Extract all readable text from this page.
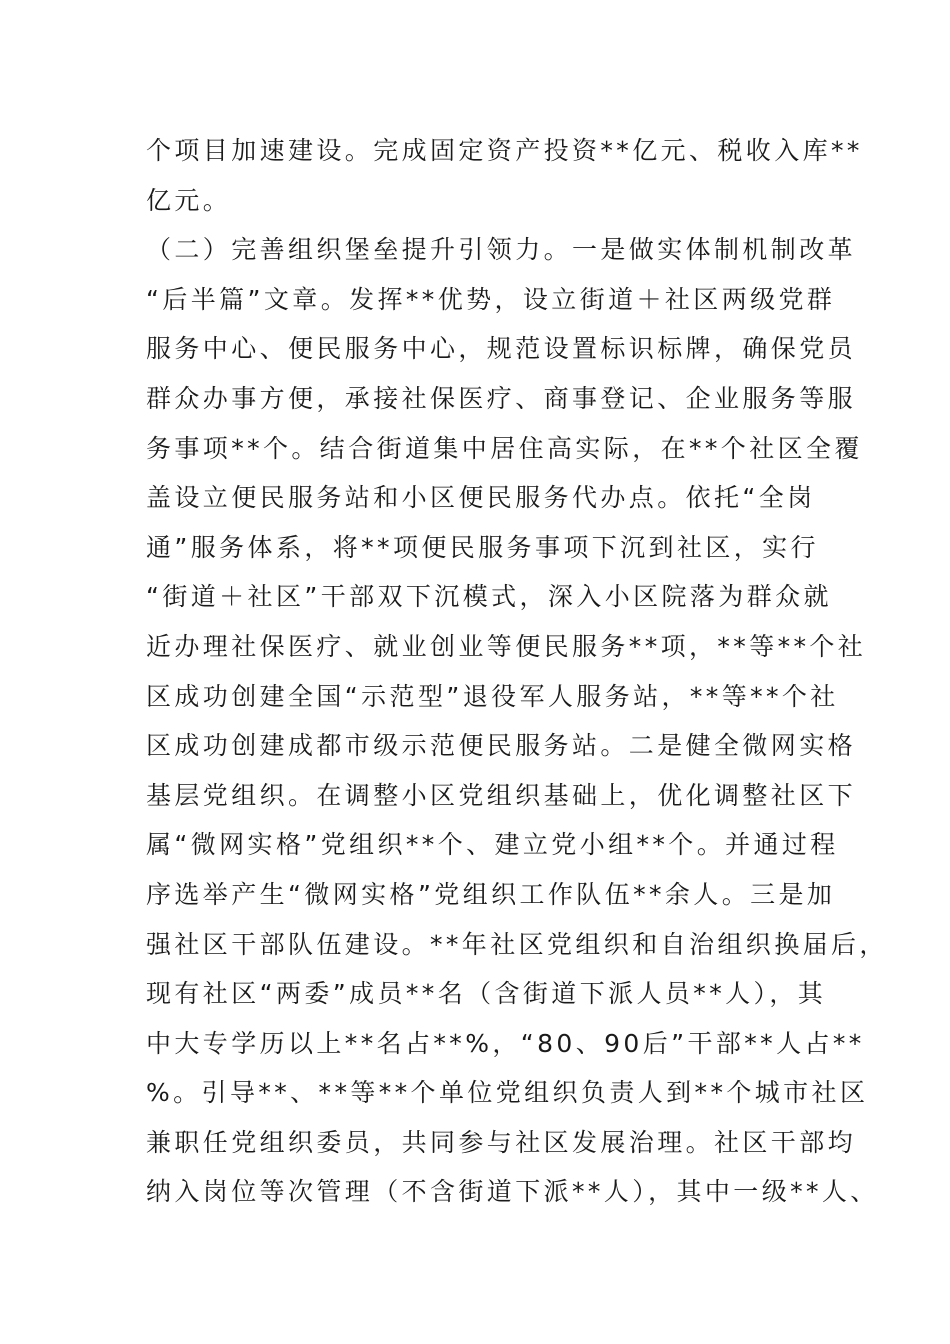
个项目加速建设。完成固定资产投资**亿元、税收入库**
亿元。
（二）完善组织堡垒提升引领力。一是做实体制机制改革
“后半篇”文章。发挥**优势，设立街道＋社区两级党群
服务中心、便民服务中心，规范设置标识标牌，确保党员
群众办事方便，承接社保医疗、商事登记、企业服务等服
务事项**个。结合街道集中居住高实际，在**个社区全覆
盖设立便民服务站和小区便民服务代办点。依托“全岗
通”服务体系，将**项便民服务事项下沉到社区，实行
“街道＋社区”干部双下沉模式，深入小区院落为群众就
近办理社保医疗、就业创业等便民服务**项，**等**个社
区成功创建全国“示范型”退役军人服务站，**等**个社
区成功创建成都市级示范便民服务站。二是健全微网实格
基层党组织。在调整小区党组织基础上，优化调整社区下
属“微网实格”党组织**个、建立党小组**个。并通过程
序选举产生“微网实格”党组织工作队伍**余人。三是加
强社区干部队伍建设。**年社区党组织和自治组织换届后，
现有社区“两委”成员**名（含街道下派人员**人），其
中大专学历以上**名占**%，“80、90后”干部**人占**
%。引导**、**等**个单位党组织负责人到**个城市社区
兼职任党组织委员，共同参与社区发展治理。社区干部均
纳入岗位等次管理（不含街道下派**人），其中一级**人、
